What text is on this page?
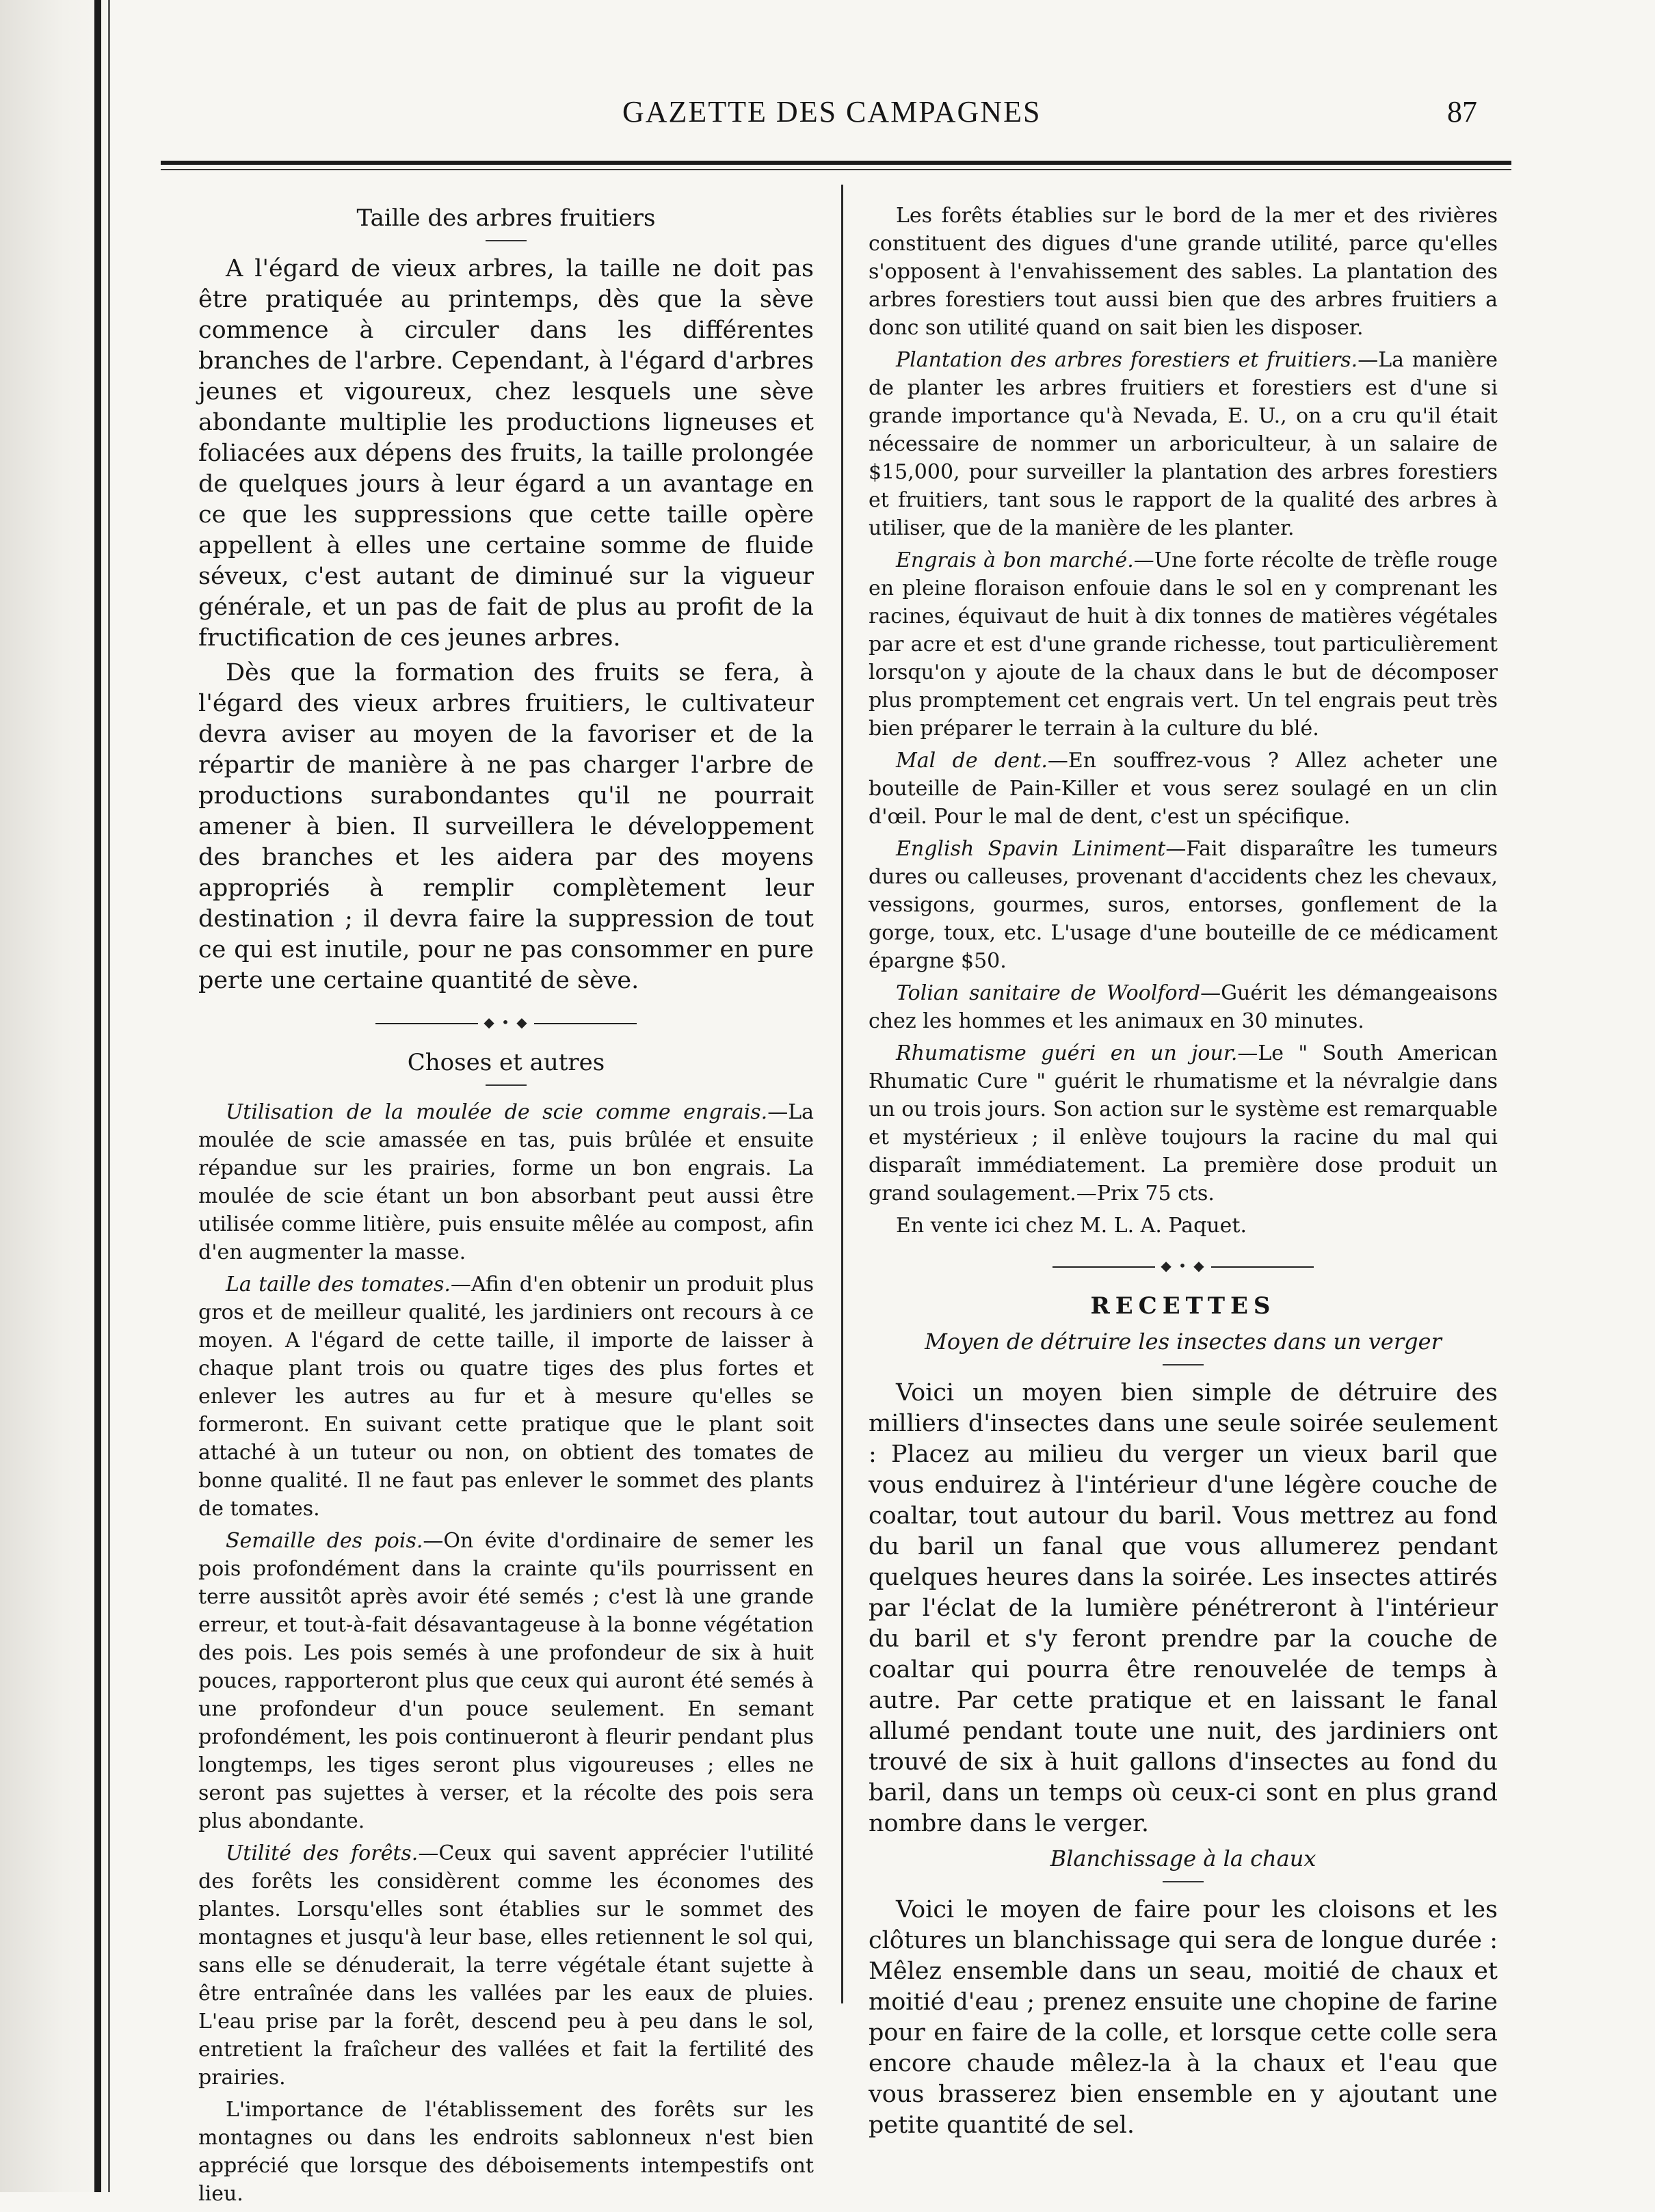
GAZETTE DES CAMPAGNES	87
Taille des arbres fruitiers

A l'égard de vieux arbres, la taille ne doit pas être pratiquée au printemps, dès que la sève commence à circuler dans les différentes branches de l'arbre. Cependant, à l'égard d'arbres jeunes et vigoureux, chez lesquels une sève abondante multiplie les productions ligneuses et foliacées aux dépens des fruits, la taille prolongée de quelques jours à leur égard a un avantage en ce que les suppressions que cette taille opère appellent à elles une certaine somme de fluide séveux, c'est autant de diminué sur la vigueur générale, et un pas de fait de plus au profit de la fructification de ces jeunes arbres.

Dès que la formation des fruits se fera, à l'égard des vieux arbres fruitiers, le cultivateur devra aviser au moyen de la favoriser et de la répartir de manière à ne pas charger l'arbre de productions surabondantes qu'il ne pourrait amener à bien. Il surveillera le développement des branches et les aidera par des moyens appropriés à remplir complètement leur destination ; il devra faire la suppression de tout ce qui est inutile, pour ne pas consommer en pure perte une certaine quantité de sève.

◆ • ◆
Choses et autres

Utilisation de la moulée de scie comme engrais.—La moulée de scie amassée en tas, puis brûlée et ensuite répandue sur les prairies, forme un bon engrais. La moulée de scie étant un bon absorbant peut aussi être utilisée comme litière, puis ensuite mêlée au compost, afin d'en augmenter la masse.

La taille des tomates.—Afin d'en obtenir un produit plus gros et de meilleur qualité, les jardiniers ont recours à ce moyen. A l'égard de cette taille, il importe de laisser à chaque plant trois ou quatre tiges des plus fortes et enlever les autres au fur et à mesure qu'elles se formeront. En suivant cette pratique que le plant soit attaché à un tuteur ou non, on obtient des tomates de bonne qualité. Il ne faut pas enlever le sommet des plants de tomates.

Semaille des pois.—On évite d'ordinaire de semer les pois profondément dans la crainte qu'ils pourrissent en terre aussitôt après avoir été semés ; c'est là une grande erreur, et tout-à-fait désavantageuse à la bonne végétation des pois. Les pois semés à une profondeur de six à huit pouces, rapporteront plus que ceux qui auront été semés à une profondeur d'un pouce seulement. En semant profondément, les pois continueront à fleurir pendant plus longtemps, les tiges seront plus vigoureuses ; elles ne seront pas sujettes à verser, et la récolte des pois sera plus abondante.

Utilité des forêts.—Ceux qui savent apprécier l'utilité des forêts les considèrent comme les économes des plantes. Lorsqu'elles sont établies sur le sommet des montagnes et jusqu'à leur base, elles retiennent le sol qui, sans elle se dénuderait, la terre végétale étant sujette à être entraînée dans les vallées par les eaux de pluies. L'eau prise par la forêt, descend peu à peu dans le sol, entretient la fraîcheur des vallées et fait la fertilité des prairies.

L'importance de l'établissement des forêts sur les montagnes ou dans les endroits sablonneux n'est bien apprécié que lorsque des déboisements intempestifs ont lieu.

Les forêts établies sur le bord de la mer et des rivières constituent des digues d'une grande utilité, parce qu'elles s'opposent à l'envahissement des sables. La plantation des arbres forestiers tout aussi bien que des arbres fruitiers a donc son utilité quand on sait bien les disposer.

Plantation des arbres forestiers et fruitiers.—La manière de planter les arbres fruitiers et forestiers est d'une si grande importance qu'à Nevada, E. U., on a cru qu'il était nécessaire de nommer un arboriculteur, à un salaire de $15,000, pour surveiller la plantation des arbres forestiers et fruitiers, tant sous le rapport de la qualité des arbres à utiliser, que de la manière de les planter.

Engrais à bon marché.—Une forte récolte de trèfle rouge en pleine floraison enfouie dans le sol en y comprenant les racines, équivaut de huit à dix tonnes de matières végétales par acre et est d'une grande richesse, tout particulièrement lorsqu'on y ajoute de la chaux dans le but de décomposer plus promptement cet engrais vert. Un tel engrais peut très bien préparer le terrain à la culture du blé.

Mal de dent.—En souffrez-vous ? Allez acheter une bouteille de Pain-Killer et vous serez soulagé en un clin d'œil. Pour le mal de dent, c'est un spécifique.

English Spavin Liniment—Fait disparaître les tumeurs dures ou calleuses, provenant d'accidents chez les chevaux, vessigons, gourmes, suros, entorses, gonflement de la gorge, toux, etc. L'usage d'une bouteille de ce médicament épargne $50.

Tolian sanitaire de Woolford—Guérit les démangeaisons chez les hommes et les animaux en 30 minutes.

Rhumatisme guéri en un jour.—Le " South American Rhumatic Cure " guérit le rhumatisme et la névralgie dans un ou trois jours. Son action sur le système est remarquable et mystérieux ; il enlève toujours la racine du mal qui disparaît immédiatement. La première dose produit un grand soulagement.—Prix 75 cts.

En vente ici chez M. L. A. Paquet.

◆ • ◆
RECETTES
Moyen de détruire les insectes dans un verger

Voici un moyen bien simple de détruire des milliers d'insectes dans une seule soirée seulement : Placez au milieu du verger un vieux baril que vous enduirez à l'intérieur d'une légère couche de coaltar, tout autour du baril. Vous mettrez au fond du baril un fanal que vous allumerez pendant quelques heures dans la soirée. Les insectes attirés par l'éclat de la lumière pénétreront à l'intérieur du baril et s'y feront prendre par la couche de coaltar qui pourra être renouvelée de temps à autre. Par cette pratique et en laissant le fanal allumé pendant toute une nuit, des jardiniers ont trouvé de six à huit gallons d'insectes au fond du baril, dans un temps où ceux-ci sont en plus grand nombre dans le verger.

Blanchissage à la chaux

Voici le moyen de faire pour les cloisons et les clôtures un blanchissage qui sera de longue durée : Mêlez ensemble dans un seau, moitié de chaux et moitié d'eau ; prenez ensuite une chopine de farine pour en faire de la colle, et lorsque cette colle sera encore chaude mêlez-la à la chaux et l'eau que vous brasserez bien ensemble en y ajoutant une petite quantité de sel.
